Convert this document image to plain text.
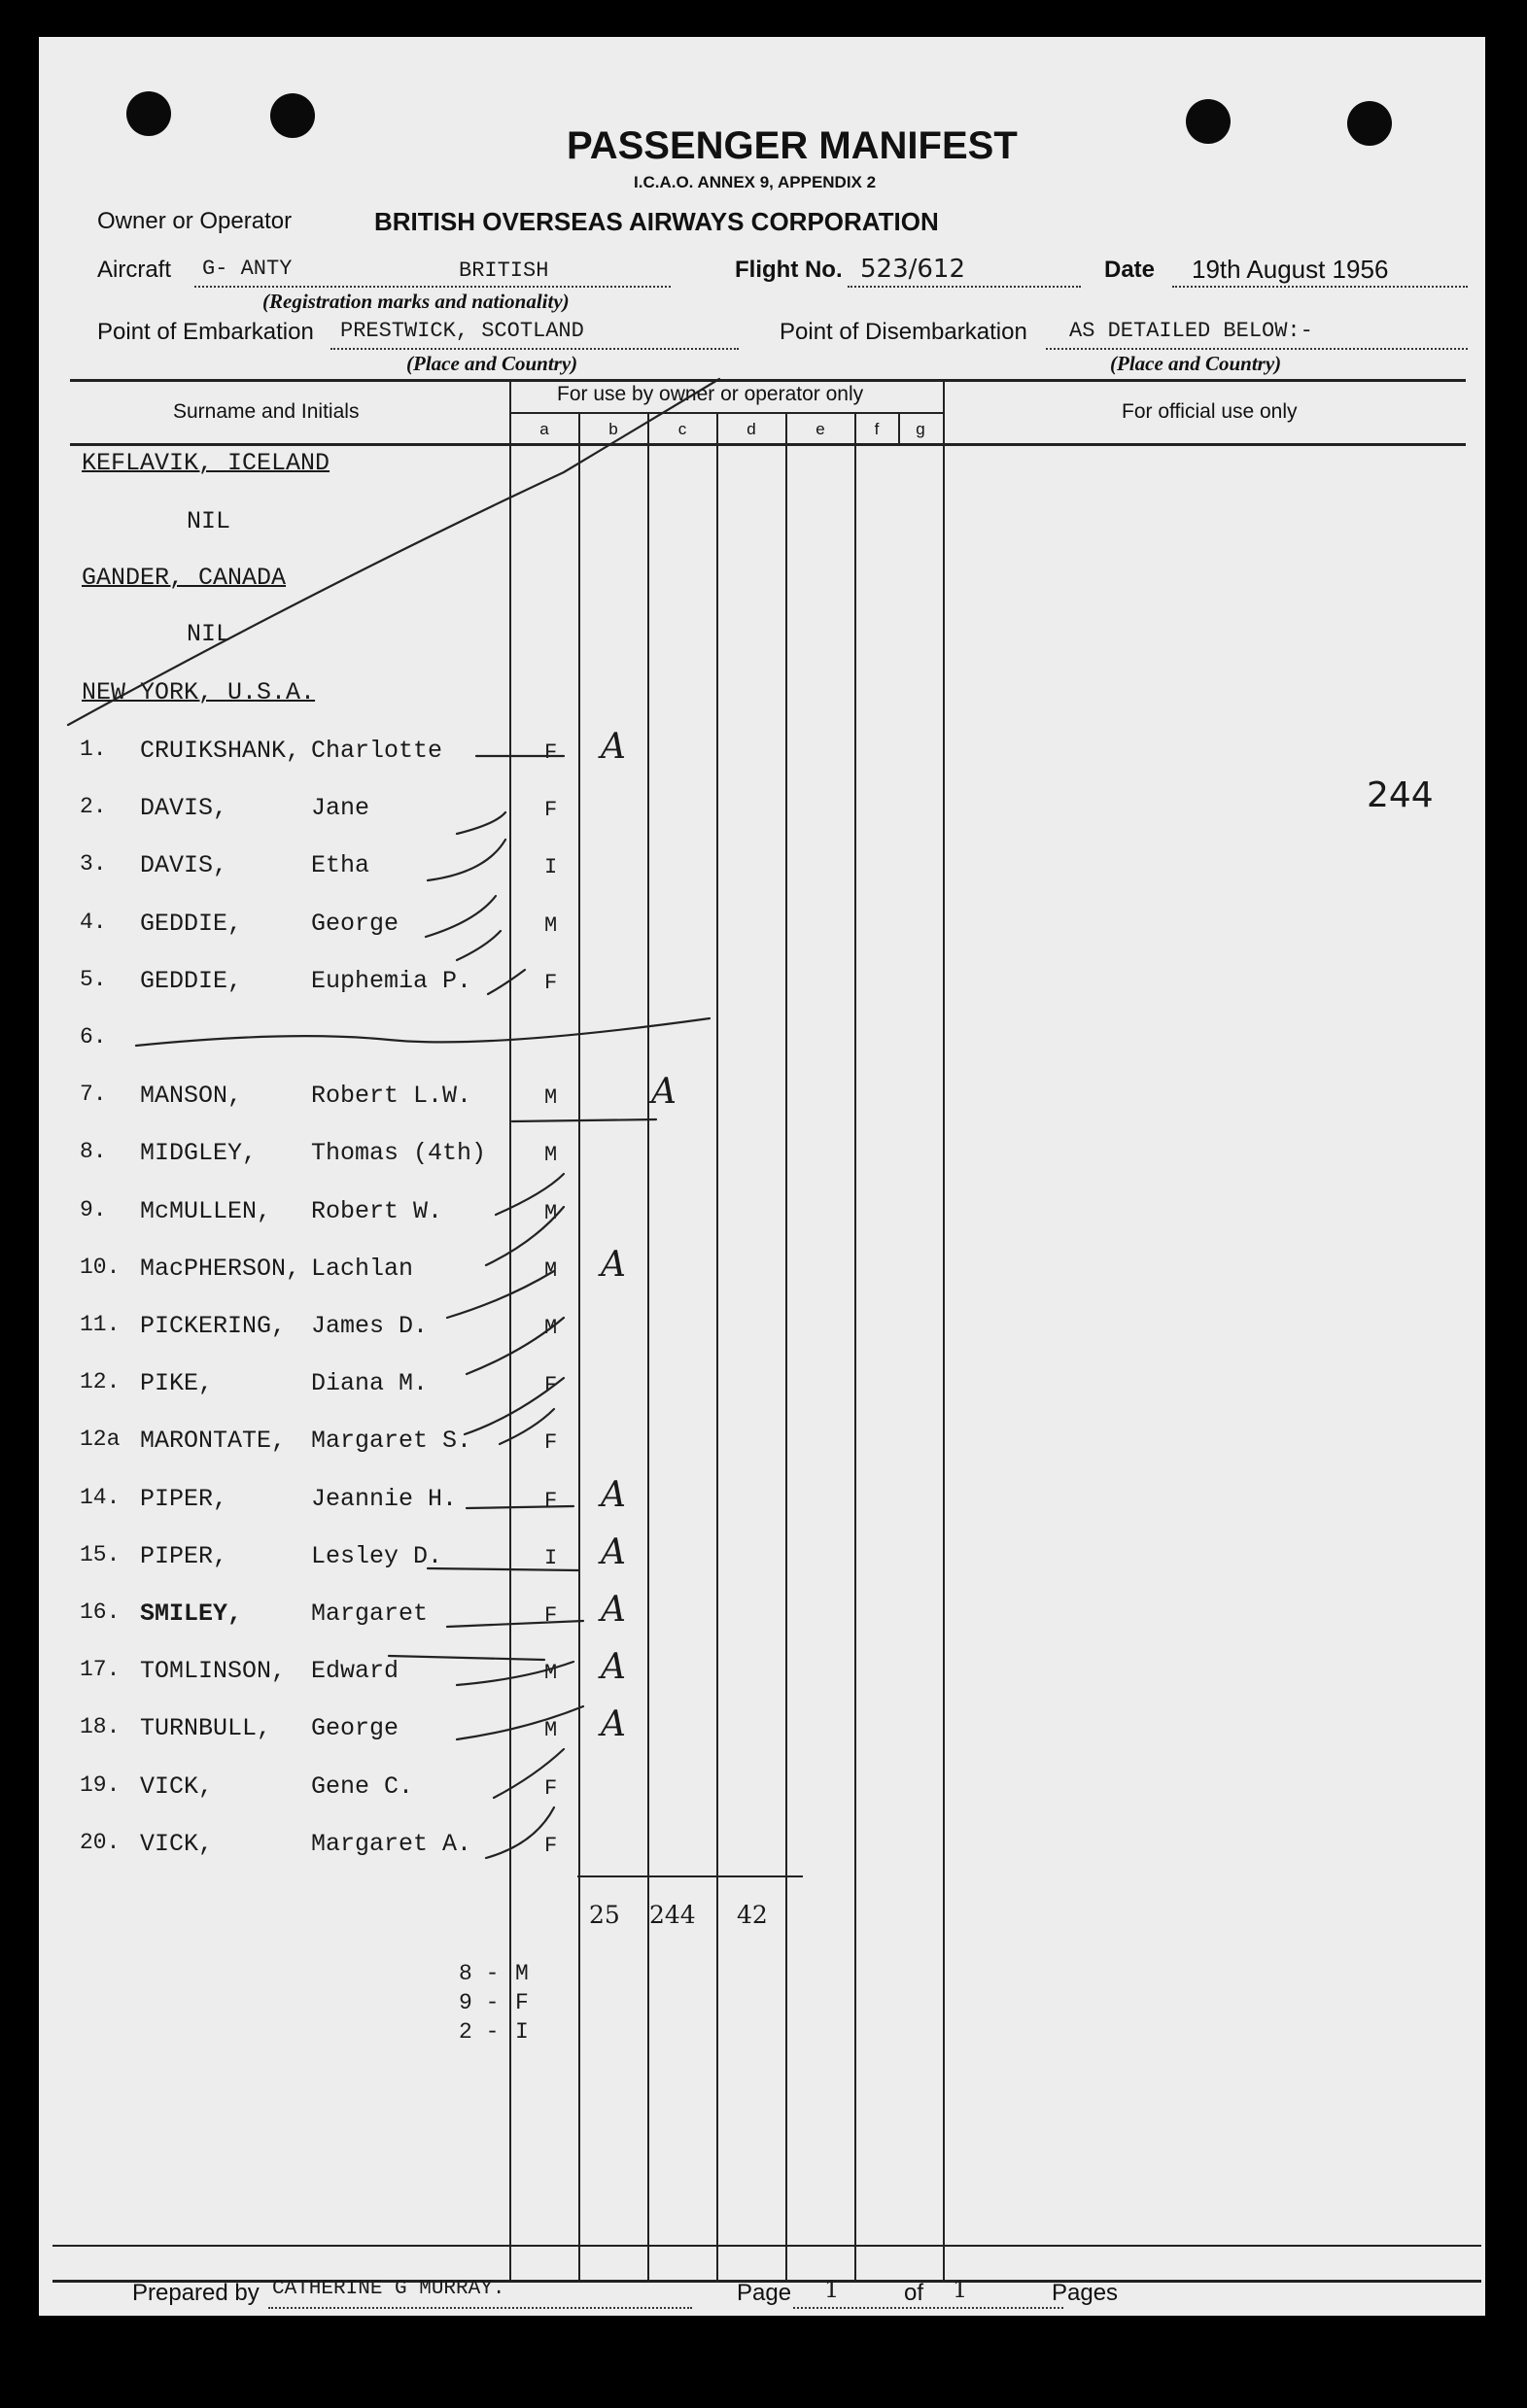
PASSENGER MANIFEST
I.C.A.O. ANNEX 9, APPENDIX 2
Owner or Operator	BRITISH OVERSEAS AIRWAYS CORPORATION
Aircraft G- ANTY	BRITISH	Flight No. 523/612	Date 19th August 1956
(Registration marks and nationality)
Point of Embarkation PRESTWICK, SCOTLAND	Point of Disembarkation AS DETAILED BELOW:-
(Place and Country)	(Place and Country)
Surname and Initials
For use by owner or operator only
For official use only
a	b	c	d	e	f	g
KEFLAVIK, ICELAND
NIL
GANDER, CANADA
NIL
NEW YORK, U.S.A.
1. CRUIKSHANK, Charlotte	F A
2. DAVIS,	Jane	F
3. DAVIS,	Etha	I
4. GEDDIE,	George	M
5. GEDDIE,	Euphemia P.	F
6.
7. MANSON,	Robert L.W.	M	A
8. MIDGLEY, Thomas (4th)	M
9. McMULLEN, Robert W.	M
10. MacPHERSON, Lachlan	M A
11. PICKERING, James D.	M
12. PIKE,	Diana M.	F
12a MARONTATE, Margaret S.	F
14. PIPER,	Jeannie H.	F A
15. PIPER,	Lesley D.	I A
16. SMILEY,	Margaret	F A
17. TOMLINSON, Edward	M A
18. TURNBULL, George	M A
19. VICK,	Gene C.	F
20. VICK,	Margaret A.	F
25 244 42
8 - M
9 - F
2 - I
244
Prepared by CATHERINE G MURRAY.	Page 1	of 1	Pages
